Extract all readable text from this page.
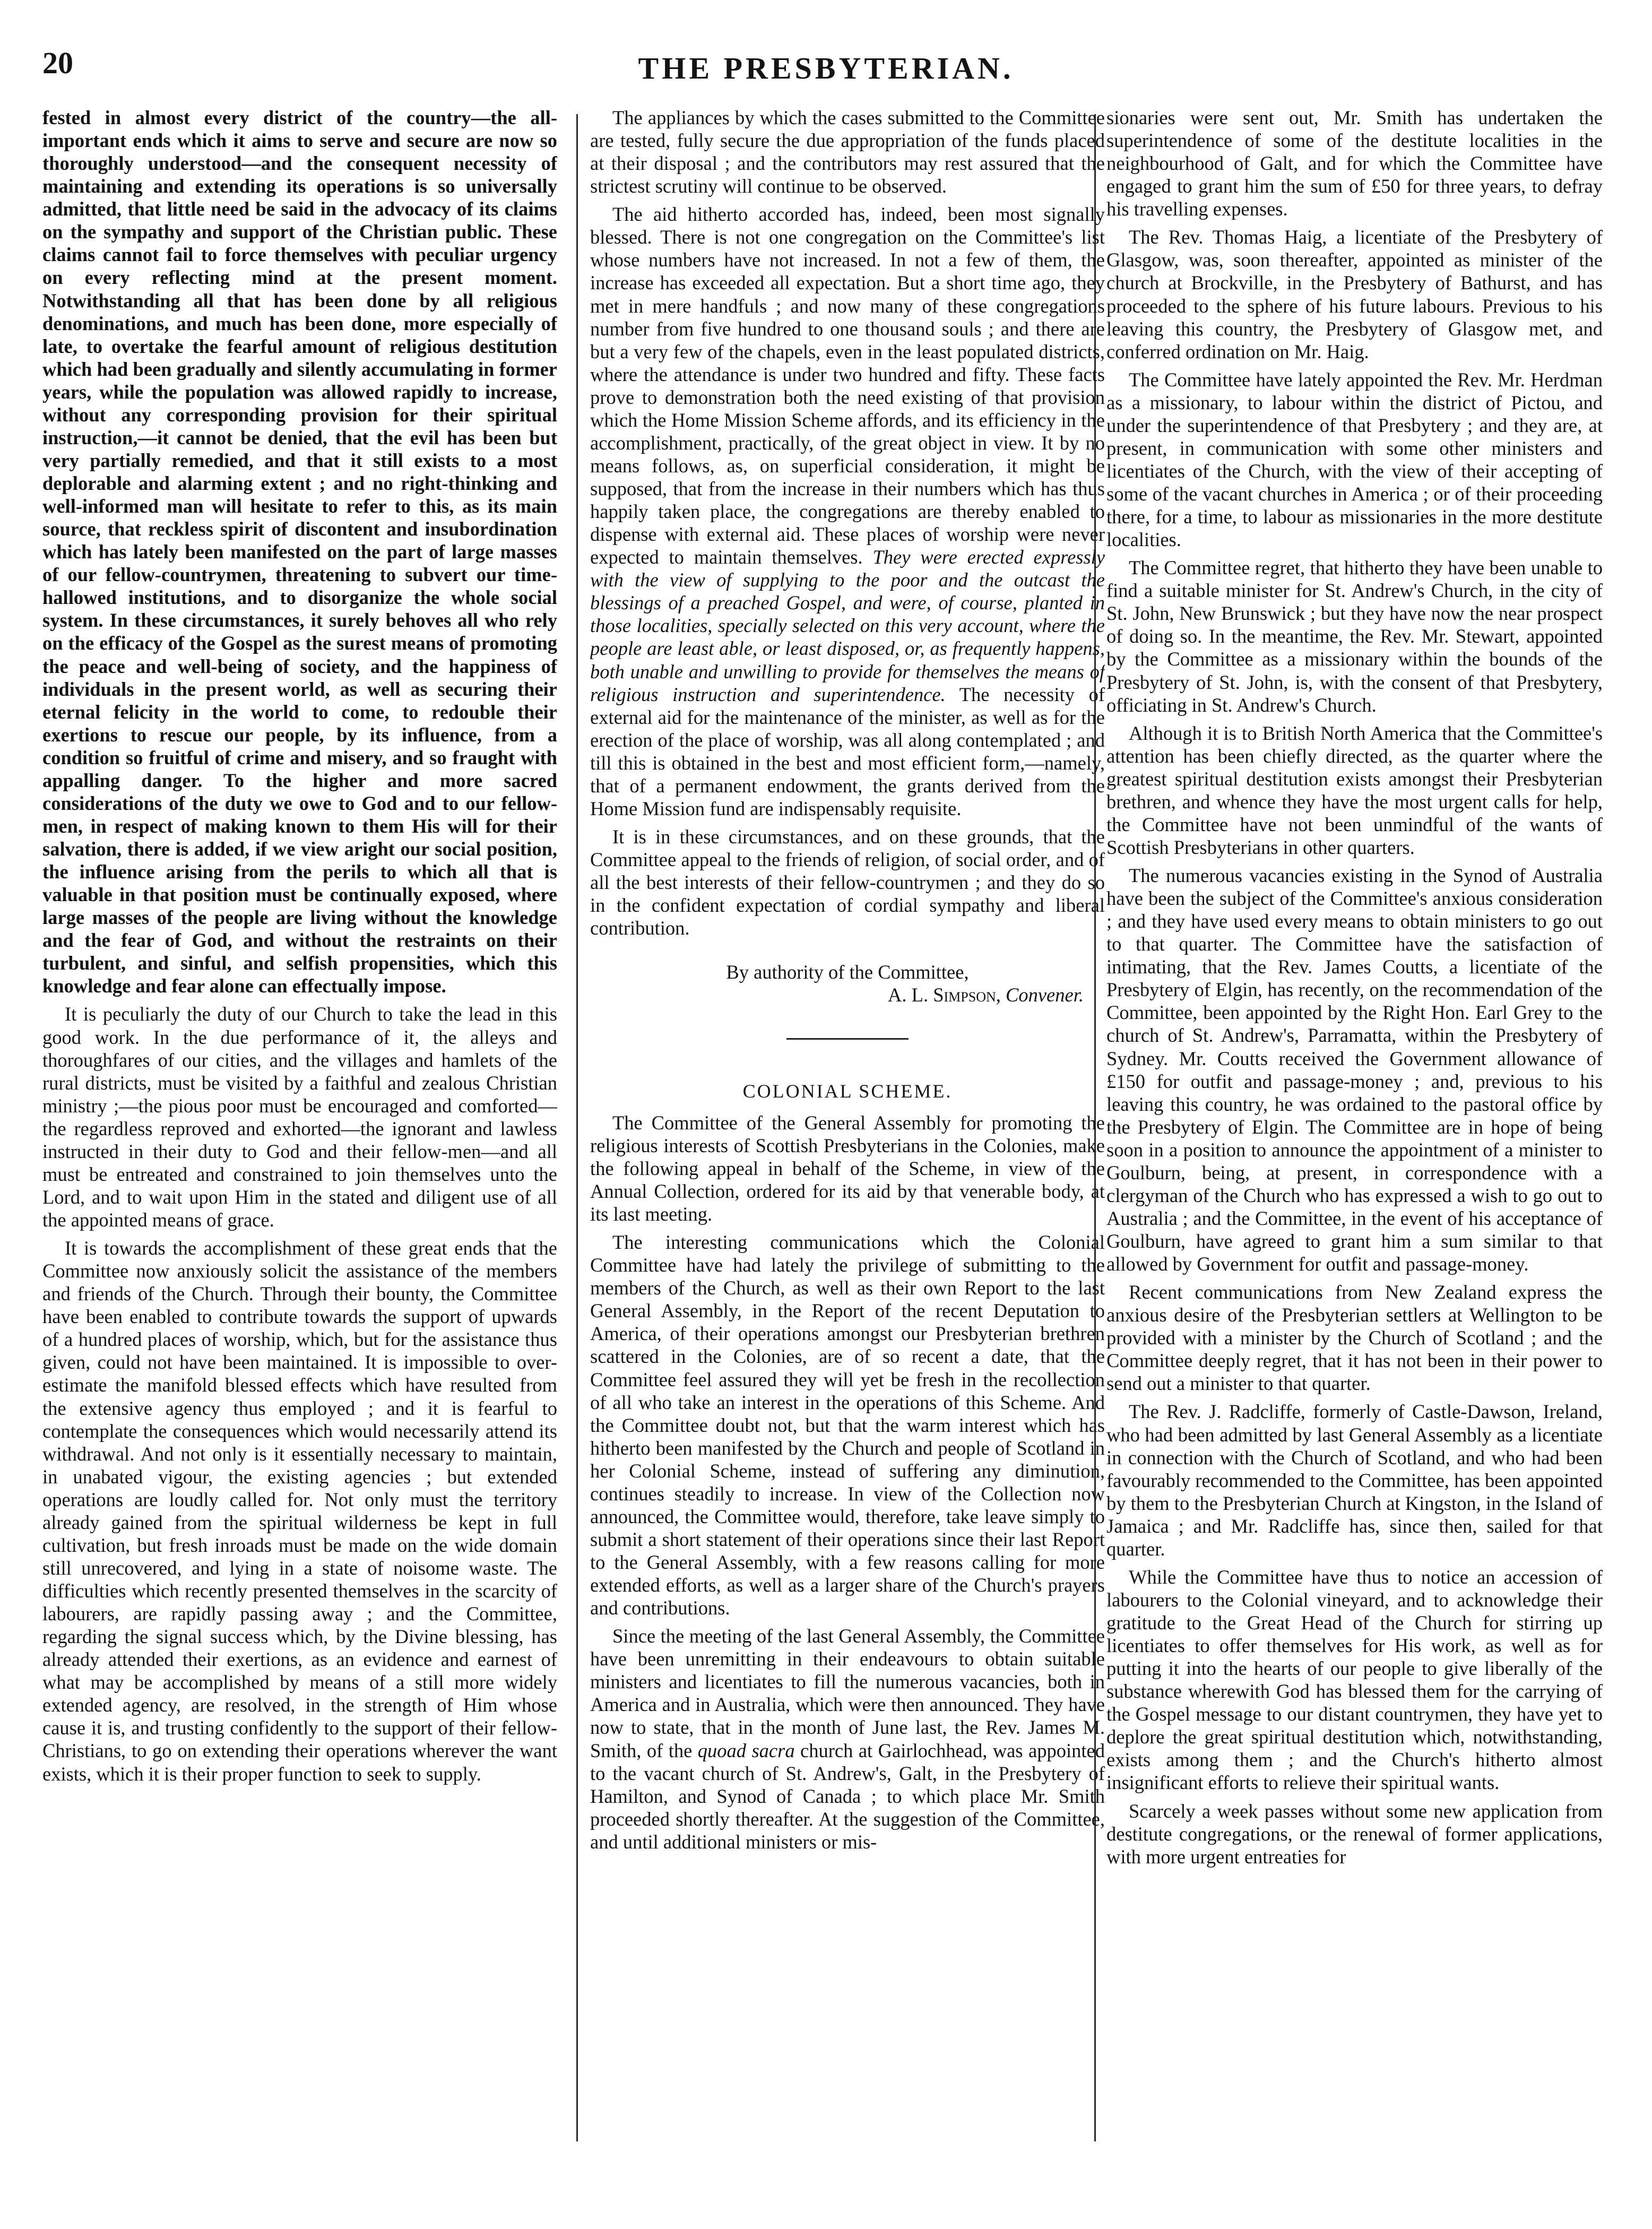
20	THE PRESBYTERIAN.

fested in almost every district of the country—the all-important ends which it aims to serve and secure are now so thoroughly understood—and the consequent necessity of maintaining and extending its operations is so universally admitted, that little need be said in the advocacy of its claims on the sympathy and support of the Christian public. These claims cannot fail to force themselves with peculiar urgency on every reflecting mind at the present moment. Notwithstanding all that has been done by all religious denominations, and much has been done, more especially of late, to overtake the fearful amount of religious destitution which had been gradually and silently accumulating in former years, while the population was allowed rapidly to increase, without any corresponding provision for their spiritual instruction,—it cannot be denied, that the evil has been but very partially remedied, and that it still exists to a most deplorable and alarming extent ; and no right-thinking and well-informed man will hesitate to refer to this, as its main source, that reckless spirit of discontent and insubordination which has lately been manifested on the part of large masses of our fellow-countrymen, threatening to subvert our time-hallowed institutions, and to disorganize the whole social system. In these circumstances, it surely behoves all who rely on the efficacy of the Gospel as the surest means of promoting the peace and well-being of society, and the happiness of individuals in the present world, as well as securing their eternal felicity in the world to come, to redouble their exertions to rescue our people, by its influence, from a condition so fruitful of crime and misery, and so fraught with appalling danger. To the higher and more sacred considerations of the duty we owe to God and to our fellow-men, in respect of making known to them His will for their salvation, there is added, if we view aright our social position, the influence arising from the perils to which all that is valuable in that position must be continually exposed, where large masses of the people are living without the knowledge and the fear of God, and without the restraints on their turbulent, and sinful, and selfish propensities, which this knowledge and fear alone can effectually impose.

It is peculiarly the duty of our Church to take the lead in this good work. In the due performance of it, the alleys and thoroughfares of our cities, and the villages and hamlets of the rural districts, must be visited by a faithful and zealous Christian ministry ;—the pious poor must be encouraged and comforted—the regardless reproved and exhorted—the ignorant and lawless instructed in their duty to God and their fellow-men—and all must be entreated and constrained to join themselves unto the Lord, and to wait upon Him in the stated and diligent use of all the appointed means of grace.

It is towards the accomplishment of these great ends that the Committee now anxiously solicit the assistance of the members and friends of the Church. Through their bounty, the Committee have been enabled to contribute towards the support of upwards of a hundred places of worship, which, but for the assistance thus given, could not have been maintained. It is impossible to over-estimate the manifold blessed effects which have resulted from the extensive agency thus employed ; and it is fearful to contemplate the consequences which would necessarily attend its withdrawal. And not only is it essentially necessary to maintain, in unabated vigour, the existing agencies ; but extended operations are loudly called for. Not only must the territory already gained from the spiritual wilderness be kept in full cultivation, but fresh inroads must be made on the wide domain still unrecovered, and lying in a state of noisome waste. The difficulties which recently presented themselves in the scarcity of labourers, are rapidly passing away ; and the Committee, regarding the signal success which, by the Divine blessing, has already attended their exertions, as an evidence and earnest of what may be accomplished by means of a still more widely extended agency, are resolved, in the strength of Him whose cause it is, and trusting confidently to the support of their fellow-Christians, to go on extending their operations wherever the want exists, which it is their proper function to seek to supply.

The appliances by which the cases submitted to the Committee are tested, fully secure the due appropriation of the funds placed at their disposal ; and the contributors may rest assured that the strictest scrutiny will continue to be observed.

The aid hitherto accorded has, indeed, been most signally blessed. There is not one congregation on the Committee's list whose numbers have not increased. In not a few of them, the increase has exceeded all expectation. But a short time ago, they met in mere handfuls ; and now many of these congregations number from five hundred to one thousand souls ; and there are but a very few of the chapels, even in the least populated districts, where the attendance is under two hundred and fifty. These facts prove to demonstration both the need existing of that provision which the Home Mission Scheme affords, and its efficiency in the accomplishment, practically, of the great object in view. It by no means follows, as, on superficial consideration, it might be supposed, that from the increase in their numbers which has thus happily taken place, the congregations are thereby enabled to dispense with external aid. These places of worship were never expected to maintain themselves. They were erected expressly with the view of supplying to the poor and the outcast the blessings of a preached Gospel, and were, of course, planted in those localities, specially selected on this very account, where the people are least able, or least disposed, or, as frequently happens, both unable and unwilling to provide for themselves the means of religious instruction and superintendence. The necessity of external aid for the maintenance of the minister, as well as for the erection of the place of worship, was all along contemplated ; and till this is obtained in the best and most efficient form,—namely, that of a permanent endowment, the grants derived from the Home Mission fund are indispensably requisite.

It is in these circumstances, and on these grounds, that the Committee appeal to the friends of religion, of social order, and of all the best interests of their fellow-countrymen ; and they do so in the confident expectation of cordial sympathy and liberal contribution.

By authority of the Committee,

A. L. Simpson, Convener.

COLONIAL SCHEME.

The Committee of the General Assembly for promoting the religious interests of Scottish Presbyterians in the Colonies, make the following appeal in behalf of the Scheme, in view of the Annual Collection, ordered for its aid by that venerable body, at its last meeting.

The interesting communications which the Colonial Committee have had lately the privilege of submitting to the members of the Church, as well as their own Report to the last General Assembly, in the Report of the recent Deputation to America, of their operations amongst our Presbyterian brethren scattered in the Colonies, are of so recent a date, that the Committee feel assured they will yet be fresh in the recollection of all who take an interest in the operations of this Scheme. And the Committee doubt not, but that the warm interest which has hitherto been manifested by the Church and people of Scotland in her Colonial Scheme, instead of suffering any diminution, continues steadily to increase. In view of the Collection now announced, the Committee would, therefore, take leave simply to submit a short statement of their operations since their last Report to the General Assembly, with a few reasons calling for more extended efforts, as well as a larger share of the Church's prayers and contributions.

Since the meeting of the last General Assembly, the Committee have been unremitting in their endeavours to obtain suitable ministers and licentiates to fill the numerous vacancies, both in America and in Australia, which were then announced. They have now to state, that in the month of June last, the Rev. James M. Smith, of the quoad sacra church at Gairlochhead, was appointed to the vacant church of St. Andrew's, Galt, in the Presbytery of Hamilton, and Synod of Canada ; to which place Mr. Smith proceeded shortly thereafter. At the suggestion of the Committee, and until additional ministers or mis-

sionaries were sent out, Mr. Smith has undertaken the superintendence of some of the destitute localities in the neighbourhood of Galt, and for which the Committee have engaged to grant him the sum of £50 for three years, to defray his travelling expenses.

The Rev. Thomas Haig, a licentiate of the Presbytery of Glasgow, was, soon thereafter, appointed as minister of the church at Brockville, in the Presbytery of Bathurst, and has proceeded to the sphere of his future labours. Previous to his leaving this country, the Presbytery of Glasgow met, and conferred ordination on Mr. Haig.

The Committee have lately appointed the Rev. Mr. Herdman as a missionary, to labour within the district of Pictou, and under the superintendence of that Presbytery ; and they are, at present, in communication with some other ministers and licentiates of the Church, with the view of their accepting of some of the vacant churches in America ; or of their proceeding there, for a time, to labour as missionaries in the more destitute localities.

The Committee regret, that hitherto they have been unable to find a suitable minister for St. Andrew's Church, in the city of St. John, New Brunswick ; but they have now the near prospect of doing so. In the meantime, the Rev. Mr. Stewart, appointed by the Committee as a missionary within the bounds of the Presbytery of St. John, is, with the consent of that Presbytery, officiating in St. Andrew's Church.

Although it is to British North America that the Committee's attention has been chiefly directed, as the quarter where the greatest spiritual destitution exists amongst their Presbyterian brethren, and whence they have the most urgent calls for help, the Committee have not been unmindful of the wants of Scottish Presbyterians in other quarters.

The numerous vacancies existing in the Synod of Australia have been the subject of the Committee's anxious consideration ; and they have used every means to obtain ministers to go out to that quarter. The Committee have the satisfaction of intimating, that the Rev. James Coutts, a licentiate of the Presbytery of Elgin, has recently, on the recommendation of the Committee, been appointed by the Right Hon. Earl Grey to the church of St. Andrew's, Parramatta, within the Presbytery of Sydney. Mr. Coutts received the Government allowance of £150 for outfit and passage-money ; and, previous to his leaving this country, he was ordained to the pastoral office by the Presbytery of Elgin. The Committee are in hope of being soon in a position to announce the appointment of a minister to Goulburn, being, at present, in correspondence with a clergyman of the Church who has expressed a wish to go out to Australia ; and the Committee, in the event of his acceptance of Goulburn, have agreed to grant him a sum similar to that allowed by Government for outfit and passage-money.

Recent communications from New Zealand express the anxious desire of the Presbyterian settlers at Wellington to be provided with a minister by the Church of Scotland ; and the Committee deeply regret, that it has not been in their power to send out a minister to that quarter.

The Rev. J. Radcliffe, formerly of Castle-Dawson, Ireland, who had been admitted by last General Assembly as a licentiate in connection with the Church of Scotland, and who had been favourably recommended to the Committee, has been appointed by them to the Presbyterian Church at Kingston, in the Island of Jamaica ; and Mr. Radcliffe has, since then, sailed for that quarter.

While the Committee have thus to notice an accession of labourers to the Colonial vineyard, and to acknowledge their gratitude to the Great Head of the Church for stirring up licentiates to offer themselves for His work, as well as for putting it into the hearts of our people to give liberally of the substance wherewith God has blessed them for the carrying of the Gospel message to our distant countrymen, they have yet to deplore the great spiritual destitution which, notwithstanding, exists among them ; and the Church's hitherto almost insignificant efforts to relieve their spiritual wants.

Scarcely a week passes without some new application from destitute congregations, or the renewal of former applications, with more urgent entreaties for
